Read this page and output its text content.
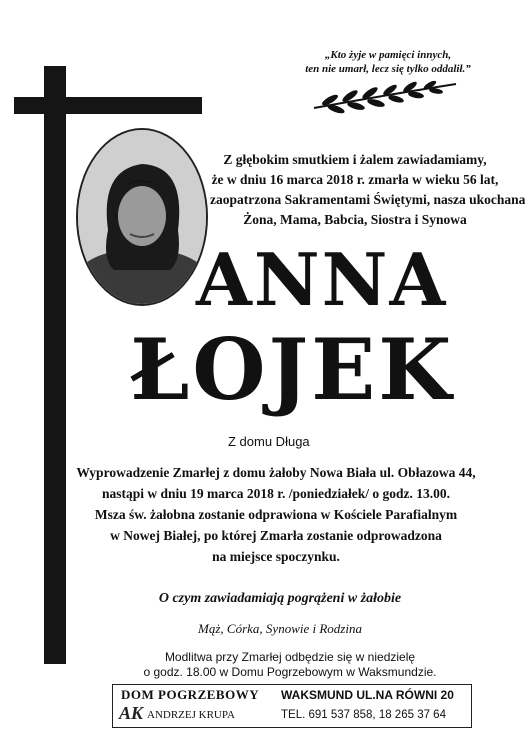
„Kto żyje w pamięci innych,
ten nie umarł, lecz się tylko oddalił.”
Z głębokim smutkiem i żalem zawiadamiamy,
że w dniu 16 marca 2018 r. zmarła w wieku 56 lat,
zaopatrzona Sakramentami Świętymi, nasza ukochana
Żona, Mama, Babcia, Siostra i Synowa
ANNA
ŁOJEK
Z domu Długa
Wyprowadzenie Zmarłej z domu żałoby Nowa Biała ul. Obłazowa 44,
nastąpi w dniu 19 marca 2018 r. /poniedziałek/ o godz. 13.00.
Msza św. żałobna zostanie odprawiona w Kościele Parafialnym
w Nowej Białej, po której Zmarła zostanie odprowadzona
na miejsce spoczynku.
O czym zawiadamiają pogrążeni w żałobie
Mąż, Córka, Synowie i Rodzina
Modlitwa przy Zmarłej odbędzie się w niedzielę
o godz. 18.00 w Domu Pogrzebowym w Waksmundzie.
DOM POGRZEBOWY
AK ANDRZEJ KRUPA
WAKSMUND UL.NA RÓWNI 20
TEL. 691 537 858, 18 265 37 64
